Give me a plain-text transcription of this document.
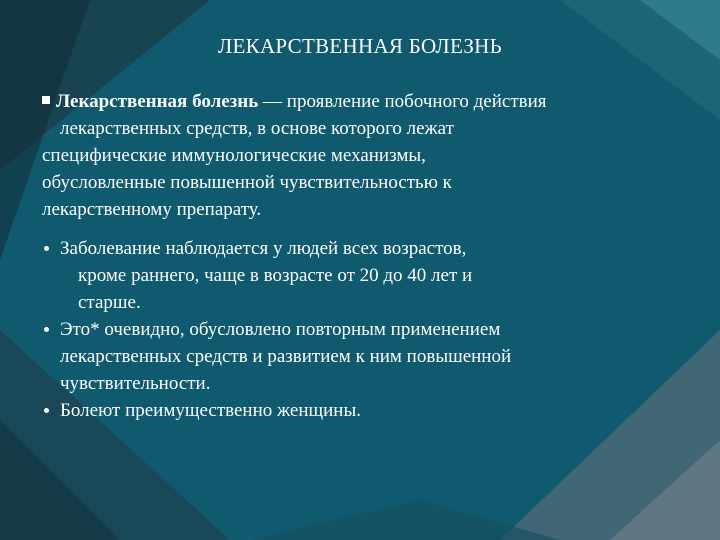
ЛЕКАРСТВЕННАЯ БОЛЕЗНЬ
Лекарственная болезнь — проявление побочного действия
лекарственных средств, в основе которого лежат
специфические иммунологические механизмы,
обусловленные повышенной чувствительностью к
лекарственному препарату.
Заболевание наблюдается у людей всех возрастов,
кроме раннего, чаще в возрасте от 20 до 40 лет и
старше.
Это* очевидно, обусловлено повторным применением
лекарственных средств и развитием к ним повышенной
чувствительности.
Болеют преимущественно женщины.
